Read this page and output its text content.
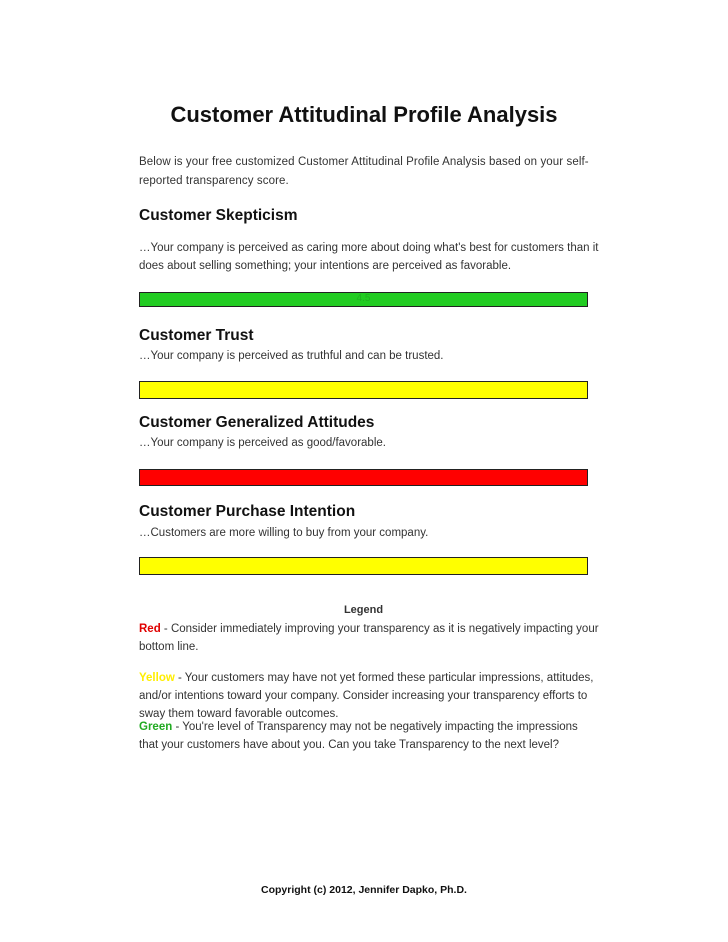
Customer Attitudinal Profile Analysis
Below is your free customized Customer Attitudinal Profile Analysis based on your self-reported transparency score.
Customer Skepticism
…Your company is perceived as caring more about doing what's best for customers than it does about selling something; your intentions are perceived as favorable.
4.5
Customer Trust
…Your company is perceived as truthful and can be trusted.
Customer Generalized Attitudes
…Your company is perceived as good/favorable.
Customer Purchase Intention
…Customers are more willing to buy from your company.
Legend
Red - Consider immediately improving your transparency as it is negatively impacting your bottom line.
Yellow - Your customers may have not yet formed these particular impressions, attitudes, and/or intentions toward your company. Consider increasing your transparency efforts to sway them toward favorable outcomes.
Green - You're level of Transparency may not be negatively impacting the impressions that your customers have about you. Can you take Transparency to the next level?
Copyright (c) 2012, Jennifer Dapko, Ph.D.
